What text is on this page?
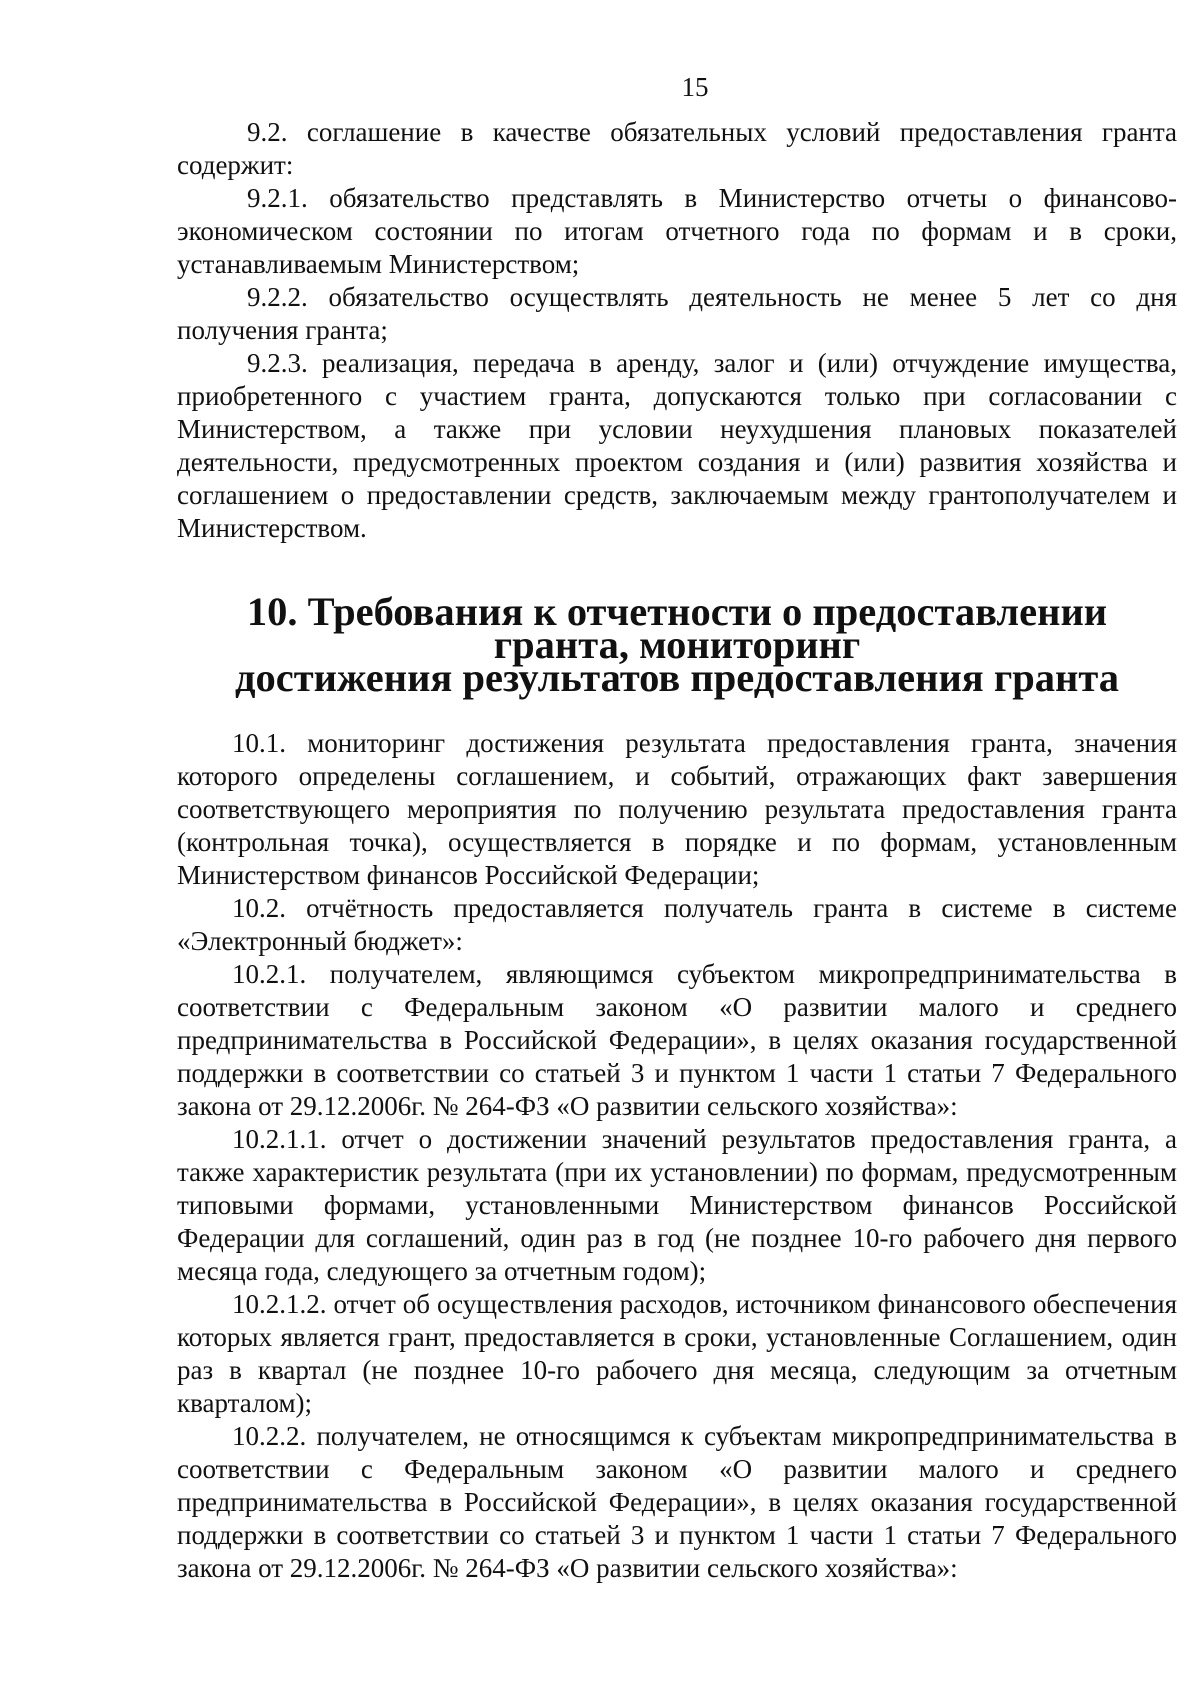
15

9.2. соглашение в качестве обязательных условий предоставления гранта содержит:

9.2.1. обязательство представлять в Министерство отчеты о финансово-экономическом состоянии по итогам отчетного года по формам и в сроки, устанавливаемым Министерством;

9.2.2. обязательство осуществлять деятельность не менее 5 лет со дня получения гранта;

9.2.3. реализация, передача в аренду, залог и (или) отчуждение имущества, приобретенного с участием гранта, допускаются только при согласовании с Министерством, а также при условии неухудшения плановых показателей деятельности, предусмотренных проектом создания и (или) развития хозяйства и соглашением о предоставлении средств, заключаемым между грантополучателем и Министерством.

10. Требования к отчетности о предоставлении гранта, мониторинг
достижения результатов предоставления гранта

10.1. мониторинг достижения результата предоставления гранта, значения которого определены соглашением, и событий, отражающих факт завершения соответствующего мероприятия по получению результата предоставления гранта (контрольная точка), осуществляется в порядке и по формам, установленным Министерством финансов Российской Федерации;

10.2. отчётность предоставляется получатель гранта в системе в системе «Электронный бюджет»:

10.2.1. получателем, являющимся субъектом микропредпринимательства в соответствии с Федеральным законом «О развитии малого и среднего предпринимательства в Российской Федерации», в целях оказания государственной поддержки в соответствии со статьей 3 и пунктом 1 части 1 статьи 7 Федерального закона от 29.12.2006г. № 264-ФЗ «О развитии сельского хозяйства»:

10.2.1.1. отчет о достижении значений результатов предоставления гранта, а также характеристик результата (при их установлении) по формам, предусмотренным типовыми формами, установленными Министерством финансов Российской Федерации для соглашений, один раз в год (не позднее 10-го рабочего дня первого месяца года, следующего за отчетным годом);

10.2.1.2. отчет об осуществления расходов, источником финансового обеспечения которых является грант, предоставляется в сроки, установленные Соглашением, один раз в квартал (не позднее 10-го рабочего дня месяца, следующим за отчетным кварталом);

10.2.2. получателем, не относящимся к субъектам микропредпринимательства в соответствии с Федеральным законом «О развитии малого и среднего предпринимательства в Российской Федерации», в целях оказания государственной поддержки в соответствии со статьей 3 и пунктом 1 части 1 статьи 7 Федерального закона от 29.12.2006г. № 264-ФЗ «О развитии сельского хозяйства»:
